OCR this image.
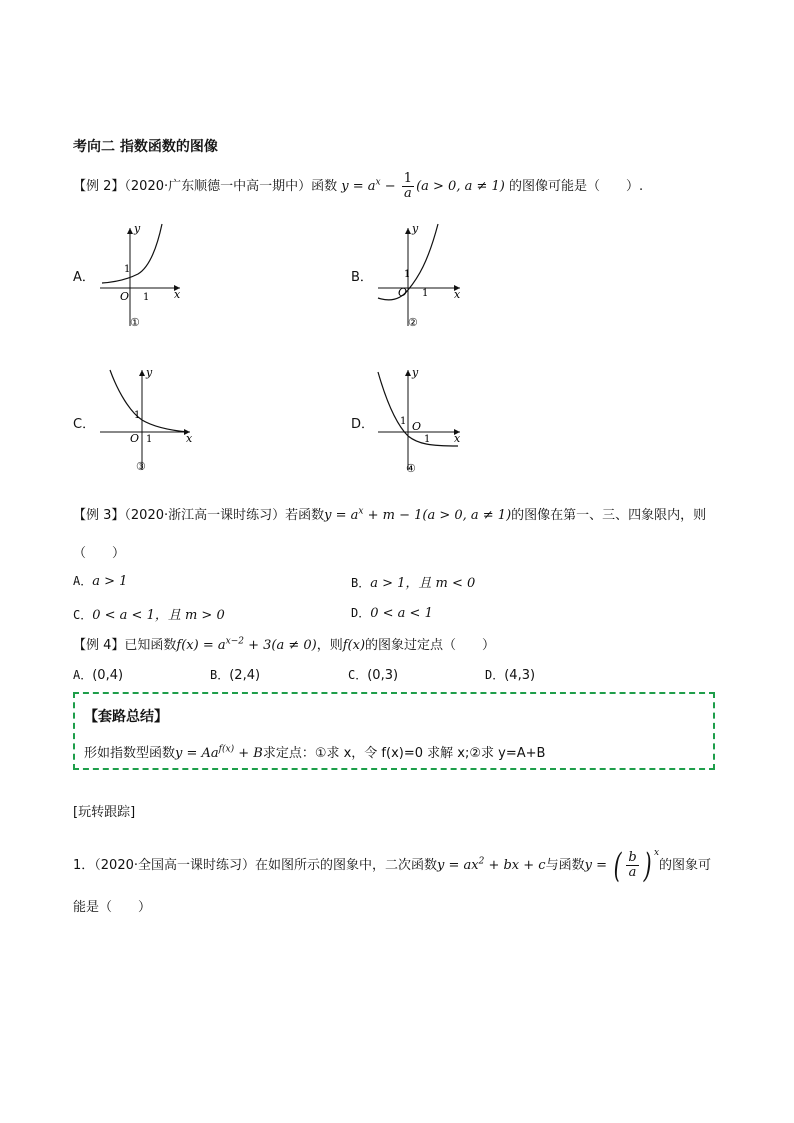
考向二 指数函数的图像
【例 2】（2020·广东顺德一中高一期中）函数 $y = a^x - \frac{1}{a} (a > 0$, a ≠ 1) 的图像可能是（　　）.
A．
y
x
O 1
1
①
B．
y
x
O 1
1
②
C．
y
x
O 1
1
③
D．
y
x
O
1
1
④
【例 3】（2020·浙江高一课时练习）若函数$y = a^x + m - 1(a > 0$, a ≠ 1)的图像在第一、三、四象限内，则
（　　）
A．a > 1	B．a > 1，且 m < 0
C．0 < a < 1，且 m > 0	D．0 < a < 1
【例 4】已知函数$f(x) = a^{x-2} + 3(a \ne 0)$，则f(x)的图象过定点（　　）
A．(0,4)	B．(2,4)	C．(0,3)	D．(4,3)
【套路总结】
形如指数型函数$y = Aa^{f(x)} + B$求定点：①求 x，令 f(x)=0 求解 x;②求 y=A+B
[玩转跟踪]
1．（2020·全国高一课时练习）在如图所示的图象中，二次函数$y = ax^2$ + bx + c与函数y = ( $\frac{b}{a}$ ) $^x$的图象可
能是（　　）
